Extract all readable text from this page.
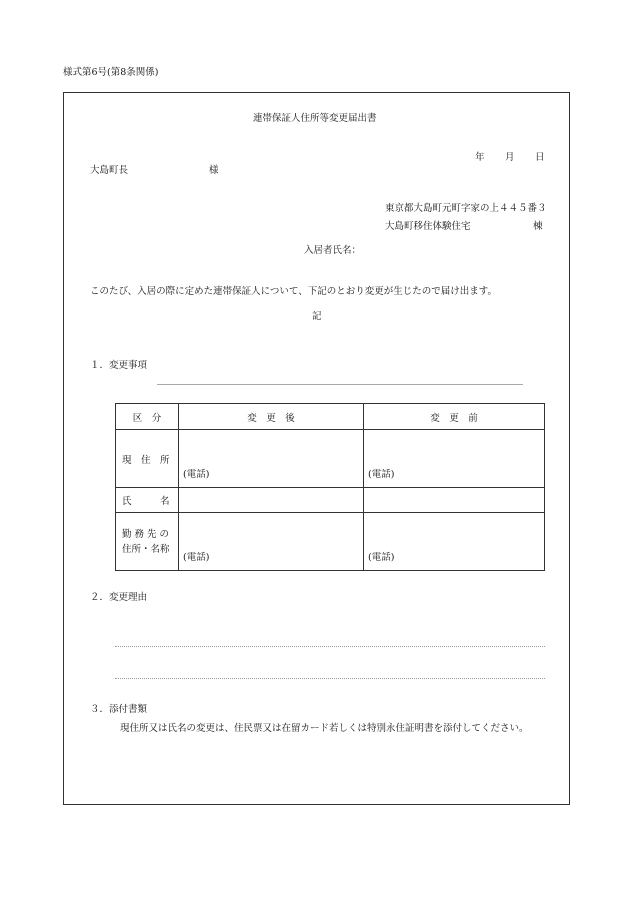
様式第6号(第8条関係)
連帯保証人住所等変更届出書
年 月 日
大島町長	様
東京都大島町元町字家の上４４５番３
大島町移住体験住宅	棟
入居者氏名：
このたび、入居の際に定めた連帯保証人について、下記のとおり変更が生じたので届け出ます。
記
１．変更事項
区　分	変　更　後	変　更　前
現　住　所	(電話)	(電話)
氏　　　名		

勤 務 先 の
住所・名称	(電話)	(電話)
２．変更理由
３．添付書類
現住所又は氏名の変更は、住民票又は在留カード若しくは特別永住証明書を添付してください。
